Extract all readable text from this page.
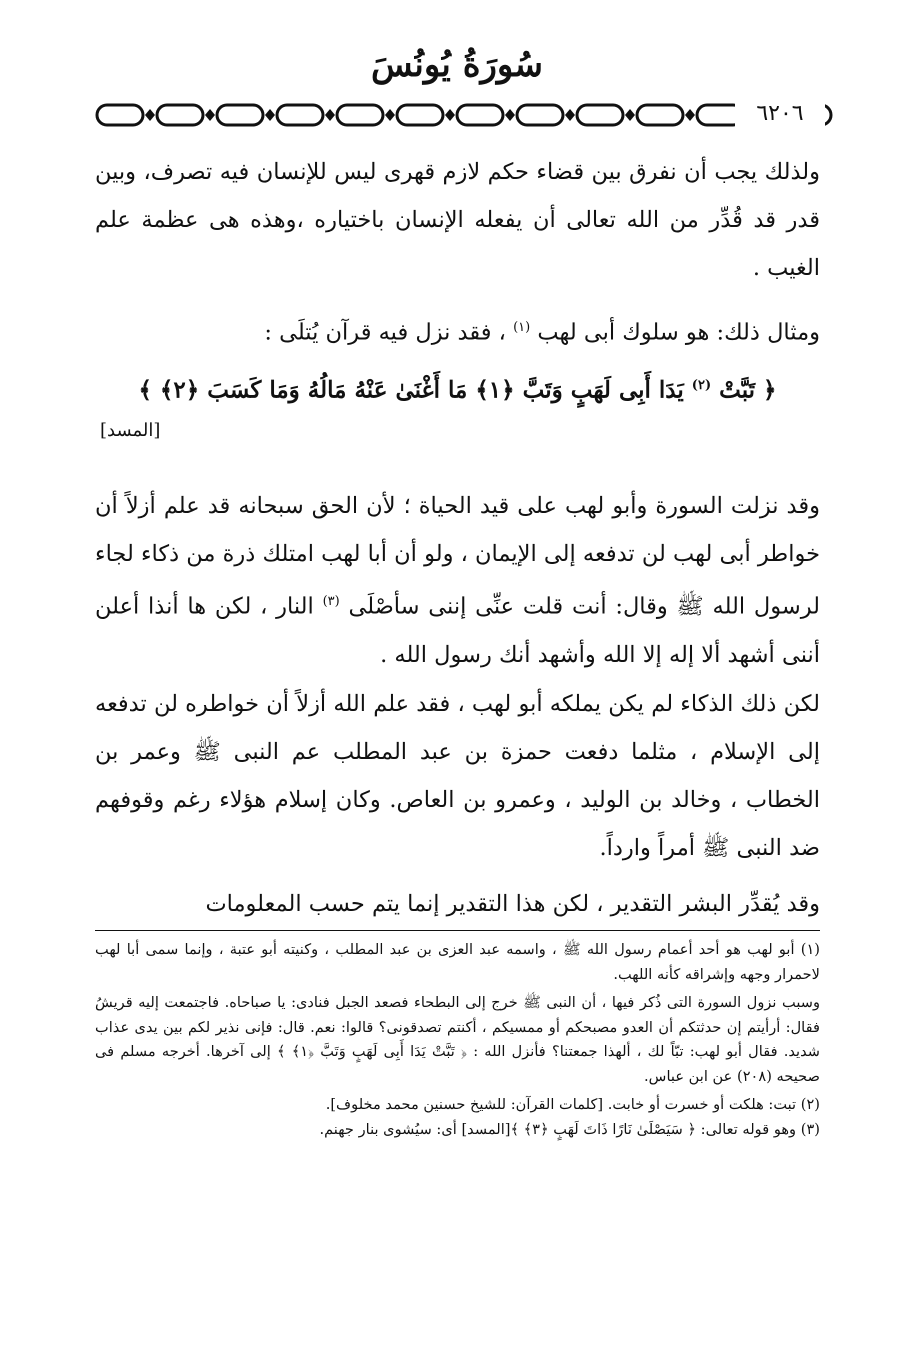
سُورَةُ يُونُسَ
٦٢٠٦

ولذلك يجب أن نفرق بين قضاء حكم لازم قهرى ليس للإنسان فيه تصرف، وبين قدر قد قُدِّر من الله تعالى أن يفعله الإنسان باختياره ،وهذه هى عظمة علم الغيب .

ومثال ذلك: هو سلوك أبى لهب $^{(١)}$ ، فقد نزل فيه قرآن يُتلَى :

﴿ تَبَّتْ $^{(٢)}$ يَدَا أَبِى لَهَبٍ وَتَبَّ ﴿١﴾ مَا أَغْنَىٰ عَنْهُ مَالُهُ وَمَا كَسَبَ ﴿٢﴾ ﴾
[المسد]

وقد نزلت السورة وأبو لهب على قيد الحياة ؛ لأن الحق سبحانه قد علم أزلاً أن خواطر أبى لهب لن تدفعه إلى الإيمان ، ولو أن أبا لهب امتلك ذرة من ذكاء لجاء لرسول الله ﷺ وقال: أنت قلت عنِّى إننى سأصْلَى $^{(٣)}$ النار ، لكن ها أنذا أعلن أننى أشهد ألا إله إلا الله وأشهد أنك رسول الله .

لكن ذلك الذكاء لم يكن يملكه أبو لهب ، فقد علم الله أزلاً أن خواطره لن تدفعه إلى الإسلام ، مثلما دفعت حمزة بن عبد المطلب عم النبى ﷺ وعمر بن الخطاب ، وخالد بن الوليد ، وعمرو بن العاص. وكان إسلام هؤلاء رغم وقوفهم ضد النبى ﷺ أمراً وارداً.

وقد يُقدِّر البشر التقدير ، لكن هذا التقدير إنما يتم حسب المعلومات

(١) أبو لهب هو أحد أعمام رسول الله ﷺ ، واسمه عبد العزى بن عبد المطلب ، وكنيته أبو عتبة ، وإنما سمى أبا لهب لاحمرار وجهه وإشراقه كأنه اللهب.

وسبب نزول السورة التى ذُكر فيها ، أن النبى ﷺ خرج إلى البطحاء فصعد الجبل فنادى: يا صباحاه. فاجتمعت إليه قريشُ فقال: أرأيتم إن حدثتكم أن العدو مصبحكم أو ممسيكم ، أكنتم تصدقونى؟ قالوا: نعم. قال: فإنى نذير لكم بين يدى عذاب شديد. فقال أبو لهب: تبّاً لك ، ألهذا جمعتنا؟ فأنزل الله : ﴿ تَبَّتْ يَدَا أَبِى لَهَبٍ وَتَبَّ ﴿١﴾ ﴾ إلى آخرها. أخرجه مسلم فى صحيحه (٢٠٨) عن ابن عباس.

(٢) تبت: هلكت أو خسرت أو خابت. [كلمات القرآن: للشيخ حسنين محمد مخلوف].

(٣) وهو قوله تعالى: ﴿ سَيَصْلَىٰ نَارًا ذَاتَ لَهَبٍ ﴿٣﴾ ﴾[المسد] أى: سيُشوى بنار جهنم.
